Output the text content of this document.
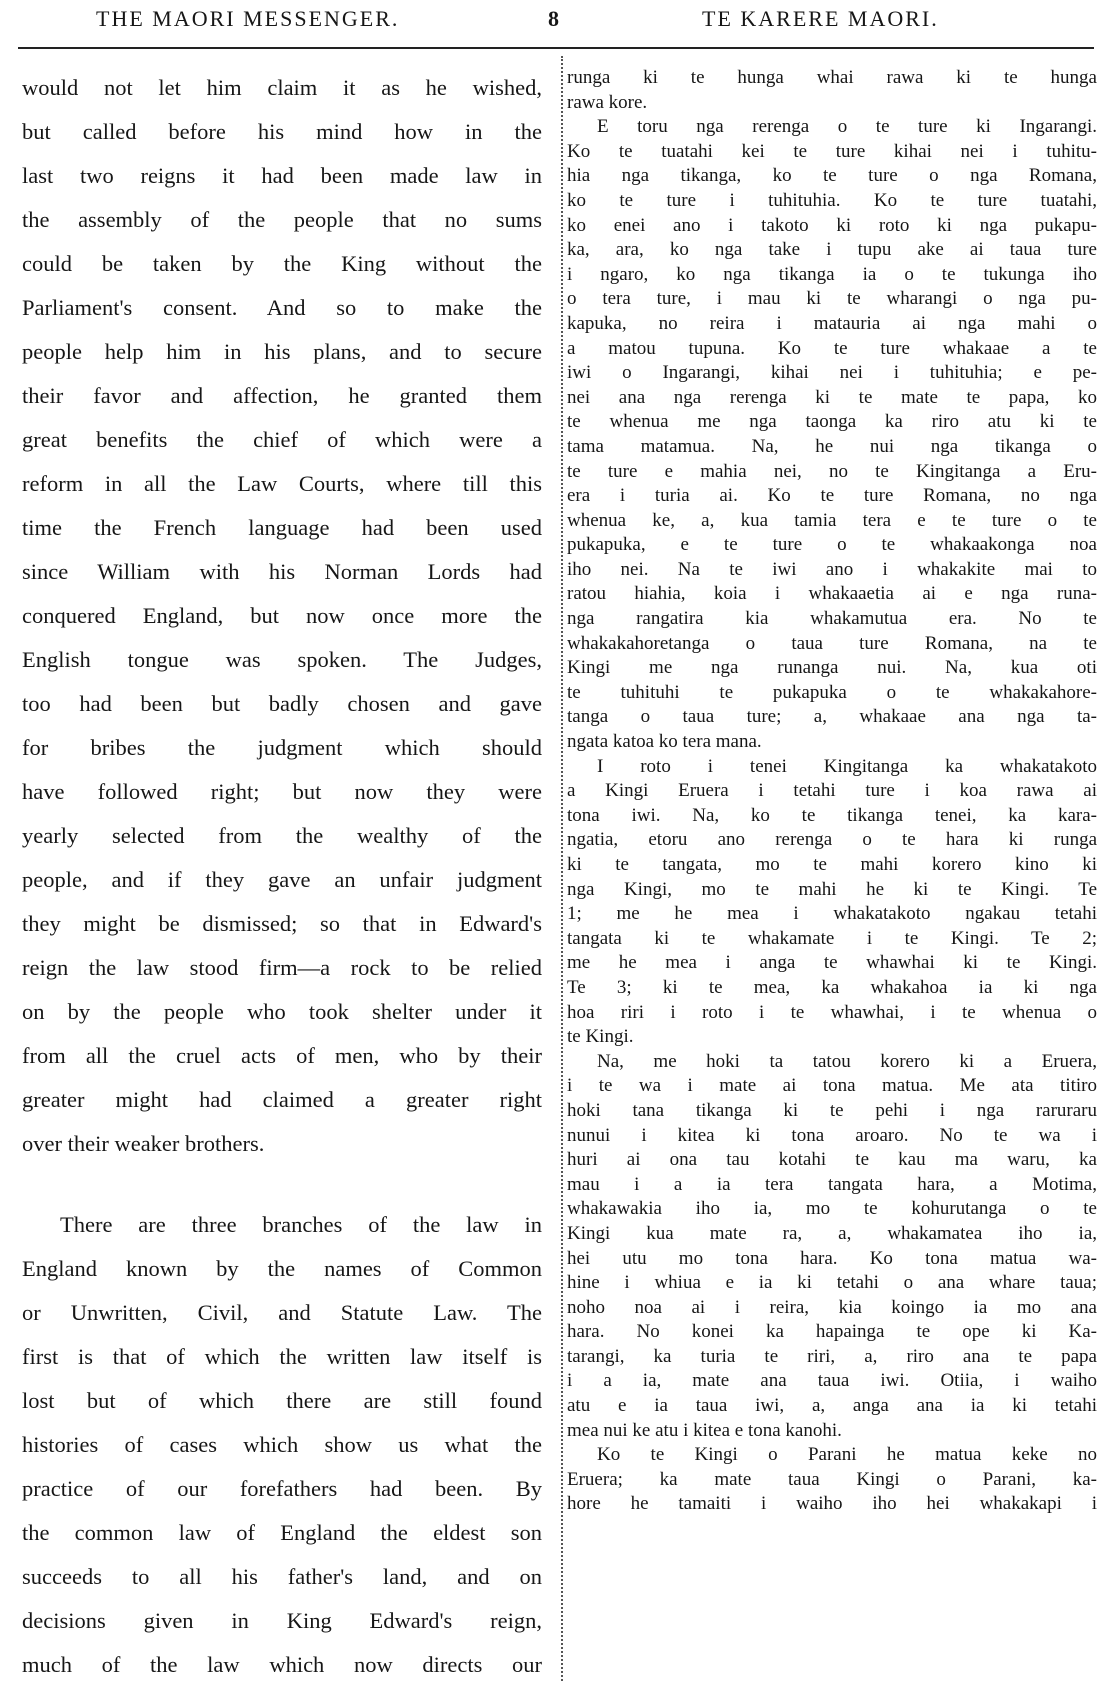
THE MAORI MESSENGER.	8	TE KARERE MAORI.
would not let him claim it as he wished,
but called before his mind how in the
last two reigns it had been made law in
the assembly of the people that no sums
could be taken by the King without the
Parliament's consent. And so to make the
people help him in his plans, and to secure
their favor and affection, he granted them
great benefits the chief of which were a
reform in all the Law Courts, where till this
time the French language had been used
since William with his Norman Lords had
conquered England, but now once more the
English tongue was spoken. The Judges,
too had been but badly chosen and gave
for bribes the judgment which should
have followed right; but now they were
yearly selected from the wealthy of the
people, and if they gave an unfair judgment
they might be dismissed; so that in Edward's
reign the law stood firm—a rock to be relied
on by the people who took shelter under it
from all the cruel acts of men, who by their
greater might had claimed a greater right
over their weaker brothers.
There are three branches of the law in
England known by the names of Common
or Unwritten, Civil, and Statute Law. The
first is that of which the written law itself is
lost but of which there are still found
histories of cases which show us what the
practice of our forefathers had been. By
the common law of England the eldest son
succeeds to all his father's land, and on
decisions given in King Edward's reign,
much of the law which now directs our
runga ki te hunga whai rawa ki te hunga
rawa kore.
E toru nga rerenga o te ture ki Ingarangi.
Ko te tuatahi kei te ture kihai nei i tuhitu-
hia nga tikanga, ko te ture o nga Romana,
ko te ture i tuhituhia. Ko te ture tuatahi,
ko enei ano i takoto ki roto ki nga pukapu-
ka, ara, ko nga take i tupu ake ai taua ture
i ngaro, ko nga tikanga ia o te tukunga iho
o tera ture, i mau ki te wharangi o nga pu-
kapuka, no reira i matauria ai nga mahi o
a matou tupuna. Ko te ture whakaae a te
iwi o Ingarangi, kihai nei i tuhituhia; e pe-
nei ana nga rerenga ki te mate te papa, ko
te whenua me nga taonga ka riro atu ki te
tama matamua. Na, he nui nga tikanga o
te ture e mahia nei, no te Kingitanga a Eru-
era i turia ai. Ko te ture Romana, no nga
whenua ke, a, kua tamia tera e te ture o te
pukapuka, e te ture o te whakaakonga noa
iho nei. Na te iwi ano i whakakite mai to
ratou hiahia, koia i whakaaetia ai e nga runa-
nga rangatira kia whakamutua era. No te
whakakahoretanga o taua ture Romana, na te
Kingi me nga runanga nui. Na, kua oti
te tuhituhi te pukapuka o te whakakahore-
tanga o taua ture; a, whakaae ana nga ta-
ngata katoa ko tera mana.
I roto i tenei Kingitanga ka whakatakoto
a Kingi Eruera i tetahi ture i koa rawa ai
tona iwi. Na, ko te tikanga tenei, ka kara-
ngatia, etoru ano rerenga o te hara ki runga
ki te tangata, mo te mahi korero kino ki
nga Kingi, mo te mahi he ki te Kingi. Te
1; me he mea i whakatakoto ngakau tetahi
tangata ki te whakamate i te Kingi. Te 2;
me he mea i anga te whawhai ki te Kingi.
Te 3; ki te mea, ka whakahoa ia ki nga
hoa riri i roto i te whawhai, i te whenua o
te Kingi.
Na, me hoki ta tatou korero ki a Eruera,
i te wa i mate ai tona matua. Me ata titiro
hoki tana tikanga ki te pehi i nga raruraru
nunui i kitea ki tona aroaro. No te wa i
huri ai ona tau kotahi te kau ma waru, ka
mau i a ia tera tangata hara, a Motima,
whakawakia iho ia, mo te kohurutanga o te
Kingi kua mate ra, a, whakamatea iho ia,
hei utu mo tona hara. Ko tona matua wa-
hine i whiua e ia ki tetahi o ana whare taua;
noho noa ai i reira, kia koingo ia mo ana
hara. No konei ka hapainga te ope ki Ka-
tarangi, ka turia te riri, a, riro ana te papa
i a ia, mate ana taua iwi. Otiia, i waiho
atu e ia taua iwi, a, anga ana ia ki tetahi
mea nui ke atu i kitea e tona kanohi.
Ko te Kingi o Parani he matua keke no
Eruera; ka mate taua Kingi o Parani, ka-
hore he tamaiti i waiho iho hei whakakapi i
